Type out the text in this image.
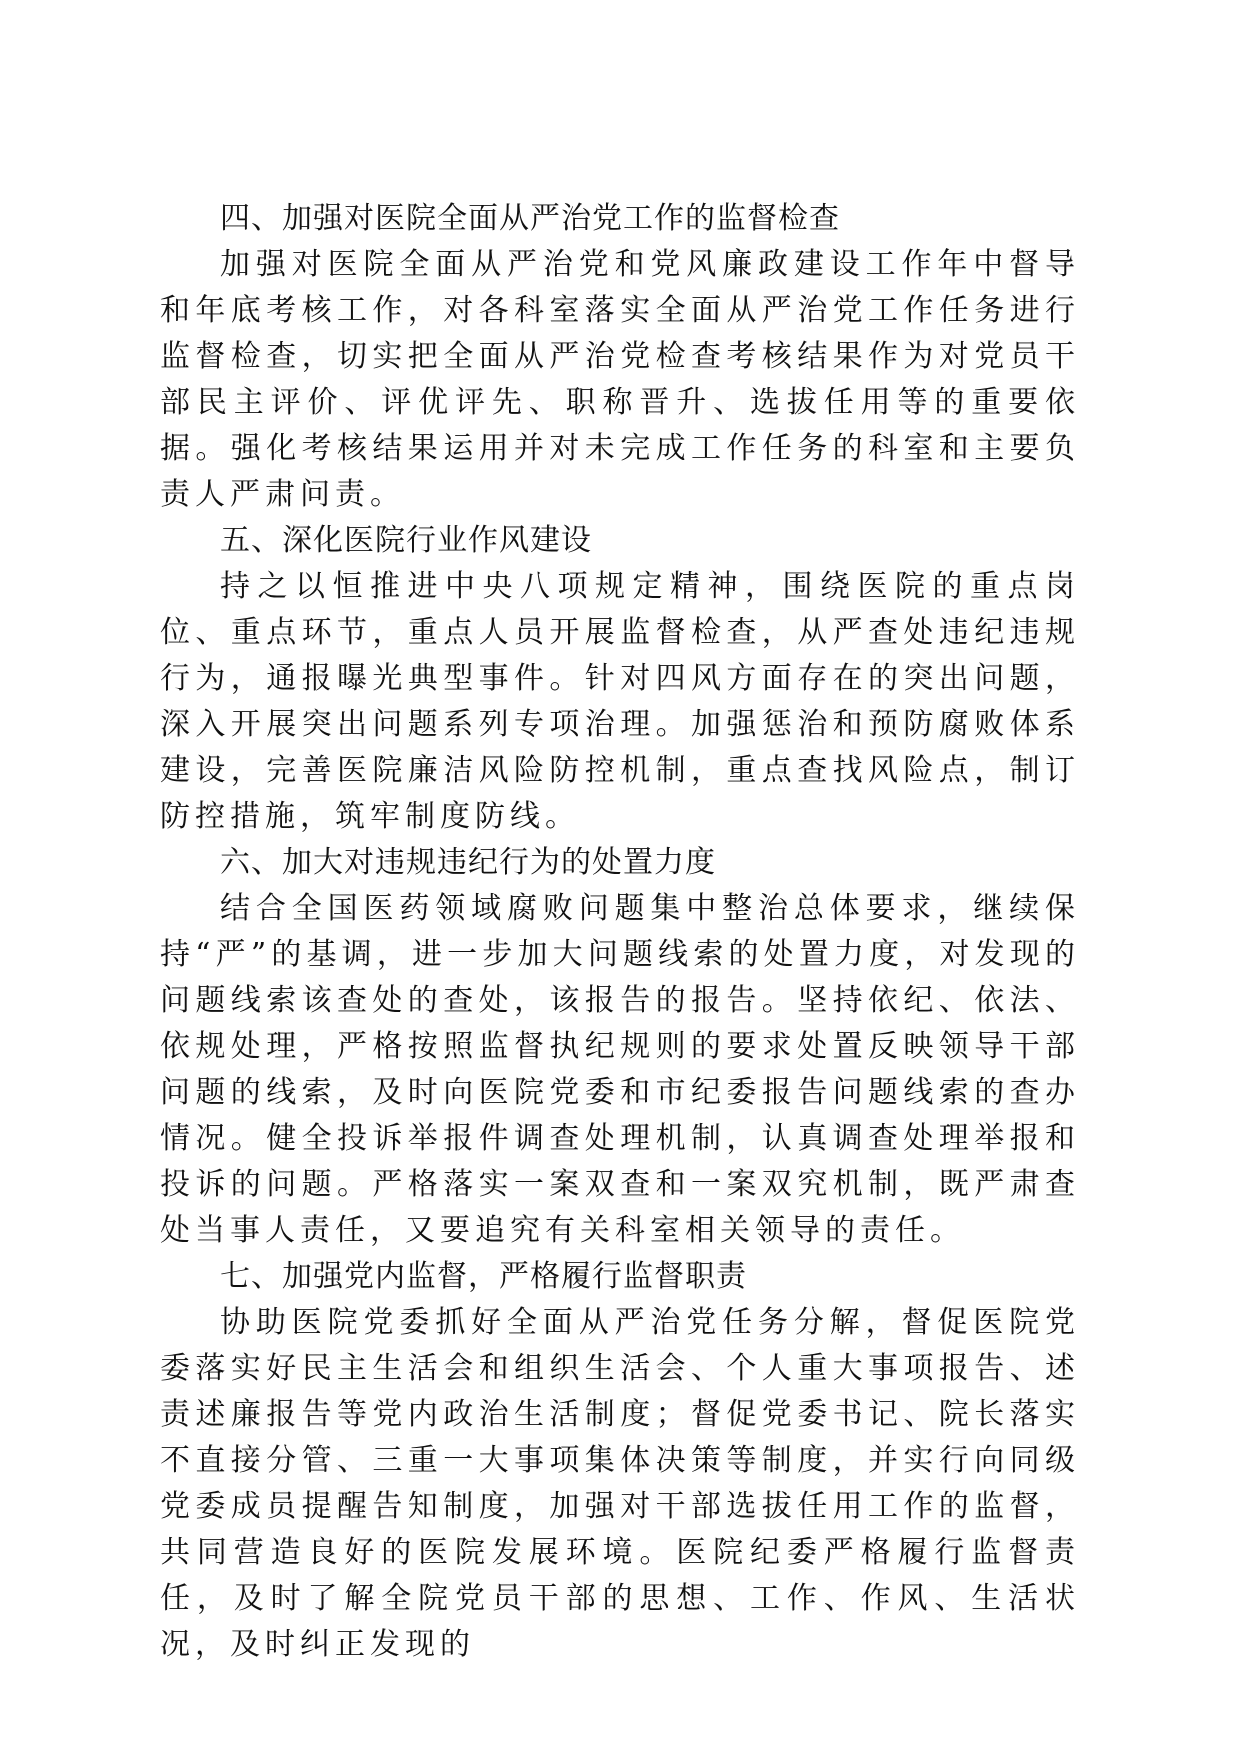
四、加强对医院全面从严治党工作的监督检查

加强对医院全面从严治党和党风廉政建设工作年中督导和年底考核工作，对各科室落实全面从严治党工作任务进行监督检查，切实把全面从严治党检查考核结果作为对党员干部民主评价、评优评先、职称晋升、选拔任用等的重要依据。强化考核结果运用并对未完成工作任务的科室和主要负责人严肃问责。

五、深化医院行业作风建设

持之以恒推进中央八项规定精神，围绕医院的重点岗位、重点环节，重点人员开展监督检查，从严查处违纪违规行为，通报曝光典型事件。针对四风方面存在的突出问题，深入开展突出问题系列专项治理。加强惩治和预防腐败体系建设，完善医院廉洁风险防控机制，重点查找风险点，制订防控措施，筑牢制度防线。

六、加大对违规违纪行为的处置力度

结合全国医药领域腐败问题集中整治总体要求，继续保持“严”的基调，进一步加大问题线索的处置力度，对发现的问题线索该查处的查处，该报告的报告。坚持依纪、依法、依规处理，严格按照监督执纪规则的要求处置反映领导干部问题的线索，及时向医院党委和市纪委报告问题线索的查办情况。健全投诉举报件调查处理机制，认真调查处理举报和投诉的问题。严格落实一案双查和一案双究机制，既严肃查处当事人责任，又要追究有关科室相关领导的责任。

七、加强党内监督，严格履行监督职责

协助医院党委抓好全面从严治党任务分解，督促医院党委落实好民主生活会和组织生活会、个人重大事项报告、述责述廉报告等党内政治生活制度；督促党委书记、院长落实不直接分管、三重一大事项集体决策等制度，并实行向同级党委成员提醒告知制度，加强对干部选拔任用工作的监督，共同营造良好的医院发展环境。医院纪委严格履行监督责任，及时了解全院党员干部的思想、工作、作风、生活状况，及时纠正发现的
